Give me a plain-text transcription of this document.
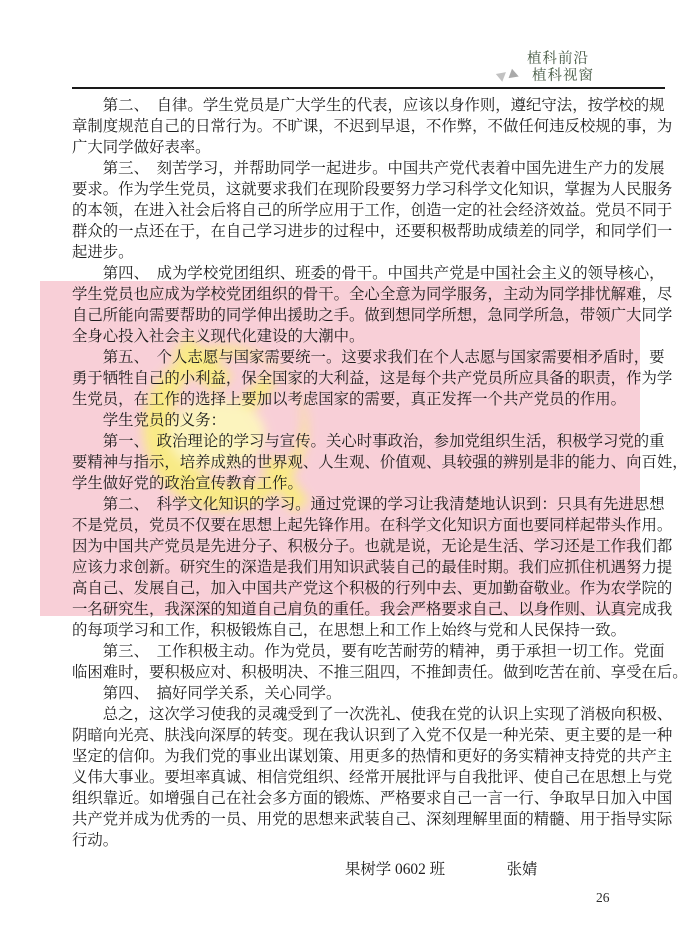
植科前沿
植科视窗
　　第二、　自律。学生党员是广大学生的代表，应该以身作则，遵纪守法，按学校的规
章制度规范自己的日常行为。不旷课，不迟到早退，不作弊，不做任何违反校规的事，为
广大同学做好表率。
　　第三、　刻苦学习，并帮助同学一起进步。中国共产党代表着中国先进生产力的发展
要求。作为学生党员，这就要求我们在现阶段要努力学习科学文化知识，掌握为人民服务
的本领，在进入社会后将自己的所学应用于工作，创造一定的社会经济效益。党员不同于
群众的一点还在于，在自己学习进步的过程中，还要积极帮助成绩差的同学，和同学们一
起进步。
　　第四、　成为学校党团组织、班委的骨干。中国共产党是中国社会主义的领导核心，
学生党员也应成为学校党团组织的骨干。全心全意为同学服务，主动为同学排忧解难，尽
自己所能向需要帮助的同学伸出援助之手。做到想同学所想，急同学所急，带领广大同学
全身心投入社会主义现代化建设的大潮中。
　　第五、　个人志愿与国家需要统一。这要求我们在个人志愿与国家需要相矛盾时，要
勇于牺牲自己的小利益，保全国家的大利益，这是每个共产党员所应具备的职责，作为学
生党员，在工作的选择上要加以考虑国家的需要，真正发挥一个共产党员的作用。
　　学生党员的义务：
　　第一、　政治理论的学习与宣传。关心时事政治，参加党组织生活，积极学习党的重
要精神与指示，培养成熟的世界观、人生观、价值观、具较强的辨别是非的能力、向百姓，
学生做好党的政治宣传教育工作。
　　第二、　科学文化知识的学习。通过党课的学习让我清楚地认识到：只具有先进思想
不是党员，党员不仅要在思想上起先锋作用。在科学文化知识方面也要同样起带头作用。
因为中国共产党员是先进分子、积极分子。也就是说，无论是生活、学习还是工作我们都
应该力求创新。研究生的深造是我们用知识武装自己的最佳时期。我们应抓住机遇努力提
高自己、发展自己，加入中国共产党这个积极的行列中去、更加勤奋敬业。作为农学院的
一名研究生，我深深的知道自己肩负的重任。我会严格要求自己、以身作则、认真完成我
的每项学习和工作，积极锻炼自己，在思想上和工作上始终与党和人民保持一致。
　　第三、　工作积极主动。作为党员，要有吃苦耐劳的精神，勇于承担一切工作。党面
临困难时，要积极应对、积极明决、不推三阻四，不推卸责任。做到吃苦在前、享受在后。
　　第四、　搞好同学关系，关心同学。
　　总之，这次学习使我的灵魂受到了一次洗礼、使我在党的认识上实现了消极向积极、
阴暗向光亮、肤浅向深厚的转变。现在我认识到了入党不仅是一种光荣、更主要的是一种
坚定的信仰。为我们党的事业出谋划策、用更多的热情和更好的务实精神支持党的共产主
义伟大事业。要坦率真诚、相信党组织、经常开展批评与自我批评、使自己在思想上与党
组织靠近。如增强自己在社会多方面的锻炼、严格要求自己一言一行、争取早日加入中国
共产党并成为优秀的一员、用党的思想来武装自己、深刻理解里面的精髓、用于指导实际
行动。
果树学 0602 班　　　　张婧
26
